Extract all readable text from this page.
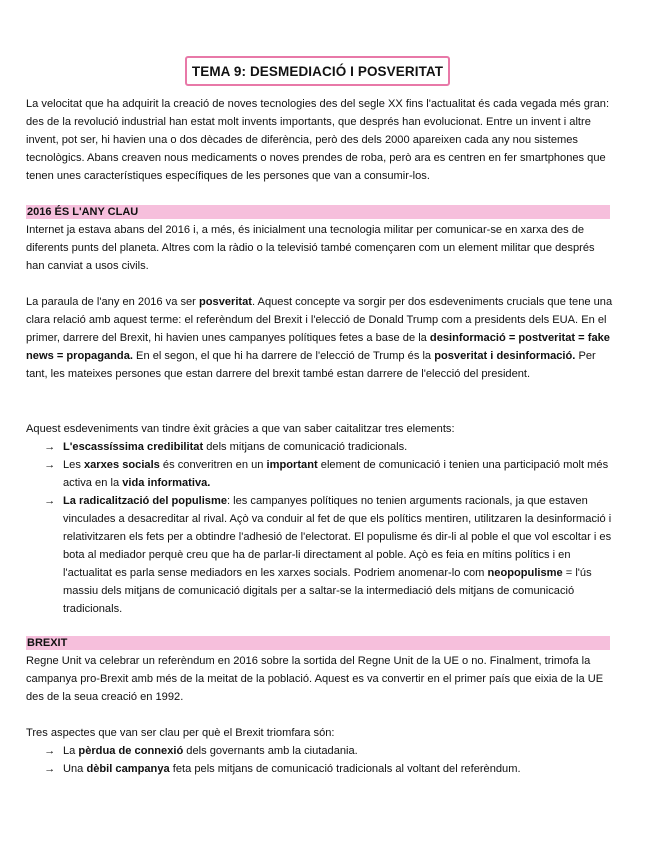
TEMA 9: DESMEDIACIÓ I POSVERITAT

La velocitat que ha adquirit la creació de noves tecnologies des del segle XX fins l'actualitat és cada vegada més gran: des de la revolució industrial han estat molt invents importants, que després han evolucionat. Entre un invent i altre invent, pot ser, hi havien una o dos dècades de diferència, però des dels 2000 apareixen cada any nou sistemes tecnològics. Abans creaven nous medicaments o noves prendes de roba, però ara es centren en fer smartphones que tenen unes característiques específiques de les persones que van a consumir-los.

2016 ÉS L'ANY CLAU

Internet ja estava abans del 2016 i, a més, és inicialment una tecnologia militar per comunicar-se en xarxa des de diferents punts del planeta. Altres com la ràdio o la televisió també començaren com un element militar que després han canviat a usos civils.

La paraula de l'any en 2016 va ser posveritat. Aquest concepte va sorgir per dos esdeveniments crucials que tene una clara relació amb aquest terme: el referèndum del Brexit i l'elecció de Donald Trump com a presidents dels EUA. En el primer, darrere del Brexit, hi havien unes campanyes polítiques fetes a base de la desinformació = postveritat = fake news = propaganda. En el segon, el que hi ha darrere de l'elecció de Trump és la posveritat i desinformació. Per tant, les mateixes persones que estan darrere del brexit també estan darrere de l'elecció del president.

Aquest esdeveniments van tindre èxit gràcies a que van saber caitalitzar tres elements:

→ L'escassíssima credibilitat dels mitjans de comunicació tradicionals.
→ Les xarxes socials és converitren en un important element de comunicació i tenien una participació molt més activa en la vida informativa.
→ La radicalització del populisme: les campanyes polítiques no tenien arguments racionals, ja que estaven vinculades a desacreditar al rival. Açò va conduir al fet de que els polítics mentiren, utilitzaren la desinformació i relativitzaren els fets per a obtindre l'adhesió de l'electorat. El populisme és dir-li al poble el que vol escoltar i es bota al mediador perquè creu que ha de parlar-li directament al poble. Açò es feia en mítins polítics i en l'actualitat es parla sense mediadors en les xarxes socials. Podriem anomenar-lo com neopopulisme = l'ús massiu dels mitjans de comunicació digitals per a saltar-se la intermediació dels mitjans de comunicació tradicionals.
BREXIT

Regne Unit va celebrar un referèndum en 2016 sobre la sortida del Regne Unit de la UE o no. Finalment, trimofa la campanya pro-Brexit amb més de la meitat de la població. Aquest es va convertir en el primer país que eixia de la UE des de la seua creació en 1992.

Tres aspectes que van ser clau per què el Brexit triomfara són:

→ La pèrdua de connexió dels governants amb la ciutadania.
→ Una dèbil campanya feta pels mitjans de comunicació tradicionals al voltant del referèndum.
